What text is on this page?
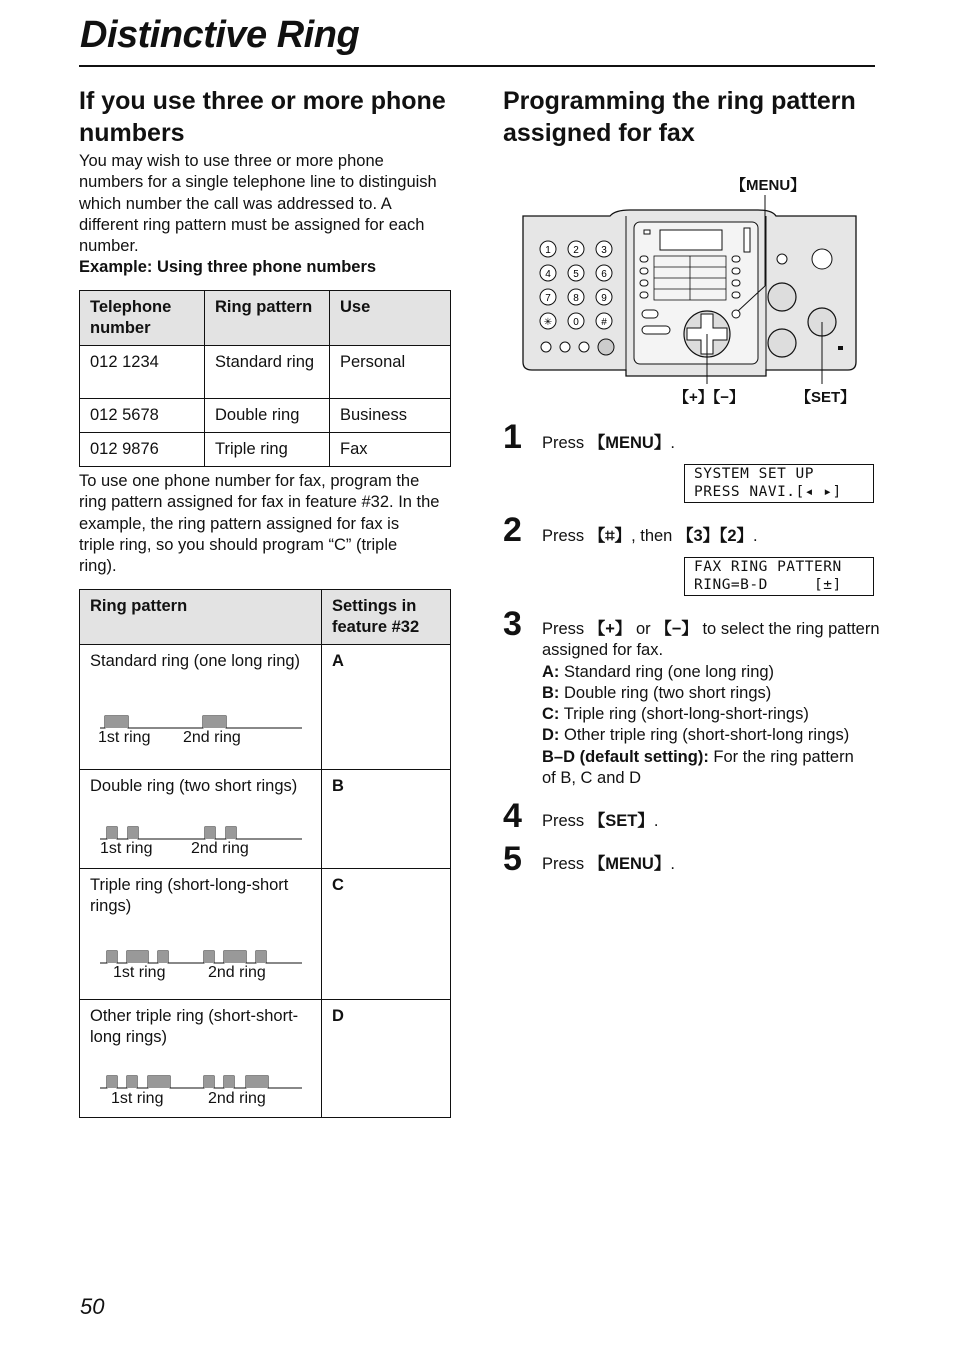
Distinctive Ring
If you use three or more phone numbers
You may wish to use three or more phone
numbers for a single telephone line to distinguish
which number the call was addressed to. A
different ring pattern must be assigned for each
number.
Example: Using three phone numbers
Telephone number	Ring pattern	Use

012 1234	Standard ring	Personal

012 5678	Double ring	Business

012 9876	Triple ring	Fax
To use one phone number for fax, program the
ring pattern assigned for fax in feature #32. In the
example, the ring pattern assigned for fax is
triple ring, so you should program “C” (triple
ring).
Ring pattern	Settings in feature #32

Standard ring (one long ring)
1st ring 2nd ring	A

Double ring (two short rings)
1st ring 2nd ring	B

Triple ring (short-long-short rings)
1st ring 2nd ring	C

Other triple ring (short-short-long rings)
1st ring 2nd ring	D
Programming the ring pattern assigned for fax
【MENU】
【+】【−】	【SET】
1 2 3
4 5 6
7 8 9
✳ 0 #
1 Press 【MENU】.
SYSTEM SET UP
PRESS NAVI.[◂ ▸]
2 Press 【⌗】, then 【3】【2】.
FAX RING PATTERN
RING=B-D     [±]
3 Press 【+】 or 【−】 to select the ring pattern
assigned for fax.
A: Standard ring (one long ring)
B: Double ring (two short rings)
C: Triple ring (short-long-short-rings)
D: Other triple ring (short-short-long rings)
B–D (default setting): For the ring pattern
of B, C and D
4 Press 【SET】.
5 Press 【MENU】.
50
